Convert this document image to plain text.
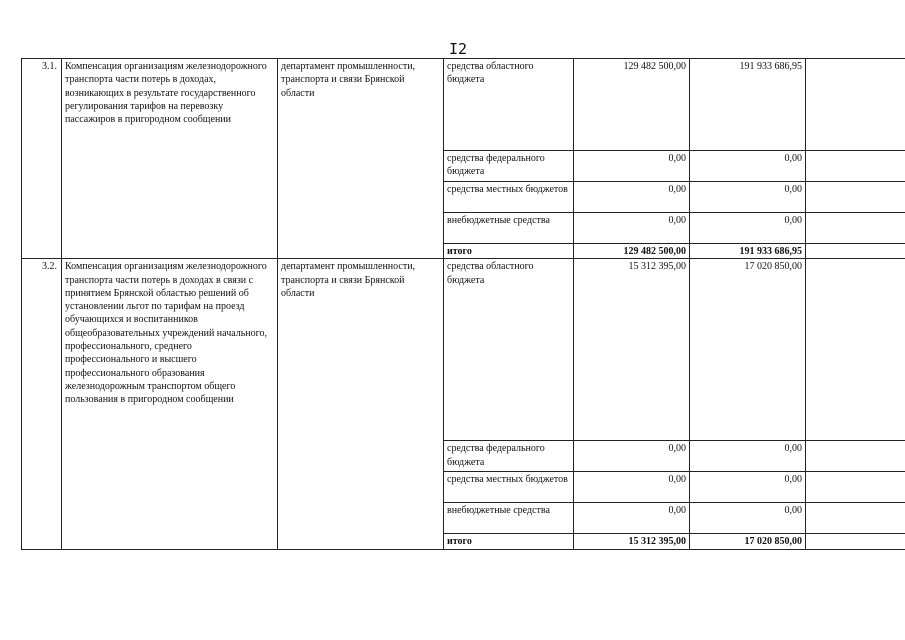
I2
3.1.	Компенсация организациям железнодорожного транспорта части потерь в доходах, возникающих в результате государственного регулирования тарифов на перевозку пассажиров в пригородном сообщении	департамент промышленности, транспорта и связи Брянской области	средства областного бюджета	129 482 500,00	191 933 686,95	
			средства федерального бюджета	0,00	0,00	
			средства местных бюджетов	0,00	0,00	
			внебюджетные средства	0,00	0,00	
			итого	129 482 500,00	191 933 686,95	
3.2.	Компенсация организациям железнодорожного транспорта части потерь в доходах в связи с принятием Брянской областью решений об установлении льгот по тарифам на проезд обучающихся и воспитанников общеобразовательных учреждений начального, профессионального, среднего профессионального и высшего профессионального образования железнодорожным транспортом общего пользования в пригородном сообщении	департамент промышленности, транспорта и связи Брянской области	средства областного бюджета	15 312 395,00	17 020 850,00	
			средства федерального бюджета	0,00	0,00	
			средства местных бюджетов	0,00	0,00	
			внебюджетные средства	0,00	0,00	
			итого	15 312 395,00	17 020 850,00	
